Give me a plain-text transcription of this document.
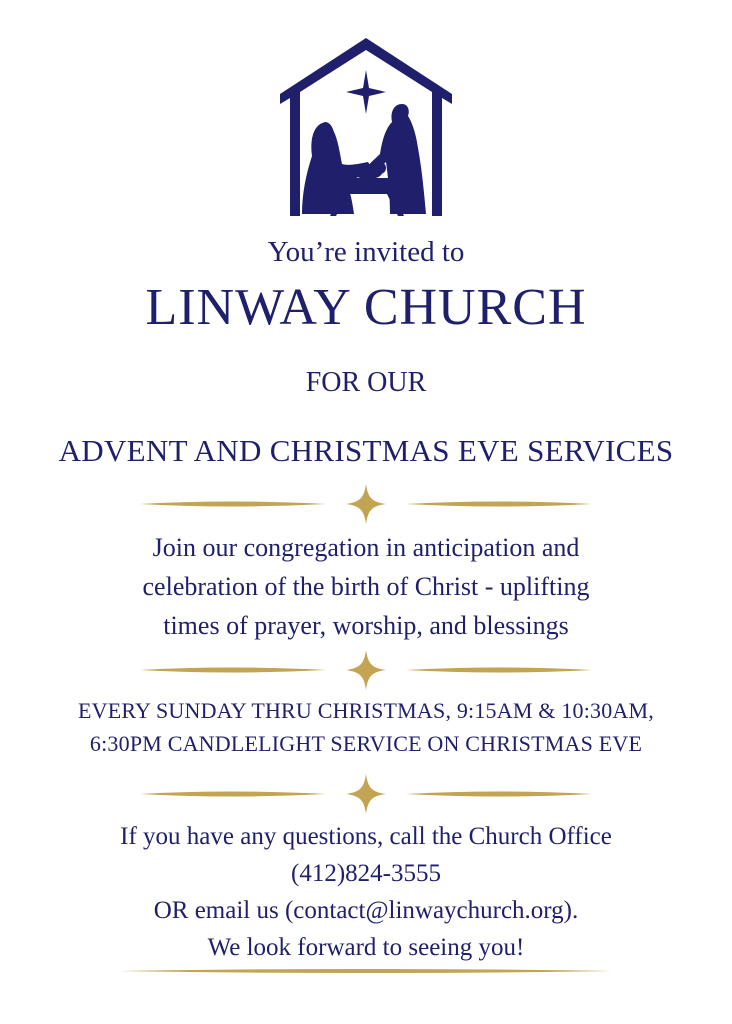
You’re invited to
LINWAY CHURCH
FOR OUR
ADVENT AND CHRISTMAS EVE SERVICES
Join our congregation in anticipation and
celebration of the birth of Christ - uplifting
times of prayer, worship, and blessings
EVERY SUNDAY THRU CHRISTMAS, 9:15AM & 10:30AM,
6:30PM CANDLELIGHT SERVICE ON CHRISTMAS EVE
If you have any questions, call the Church Office
(412)824-3555
OR email us (contact@linwaychurch.org).
We look forward to seeing you!
